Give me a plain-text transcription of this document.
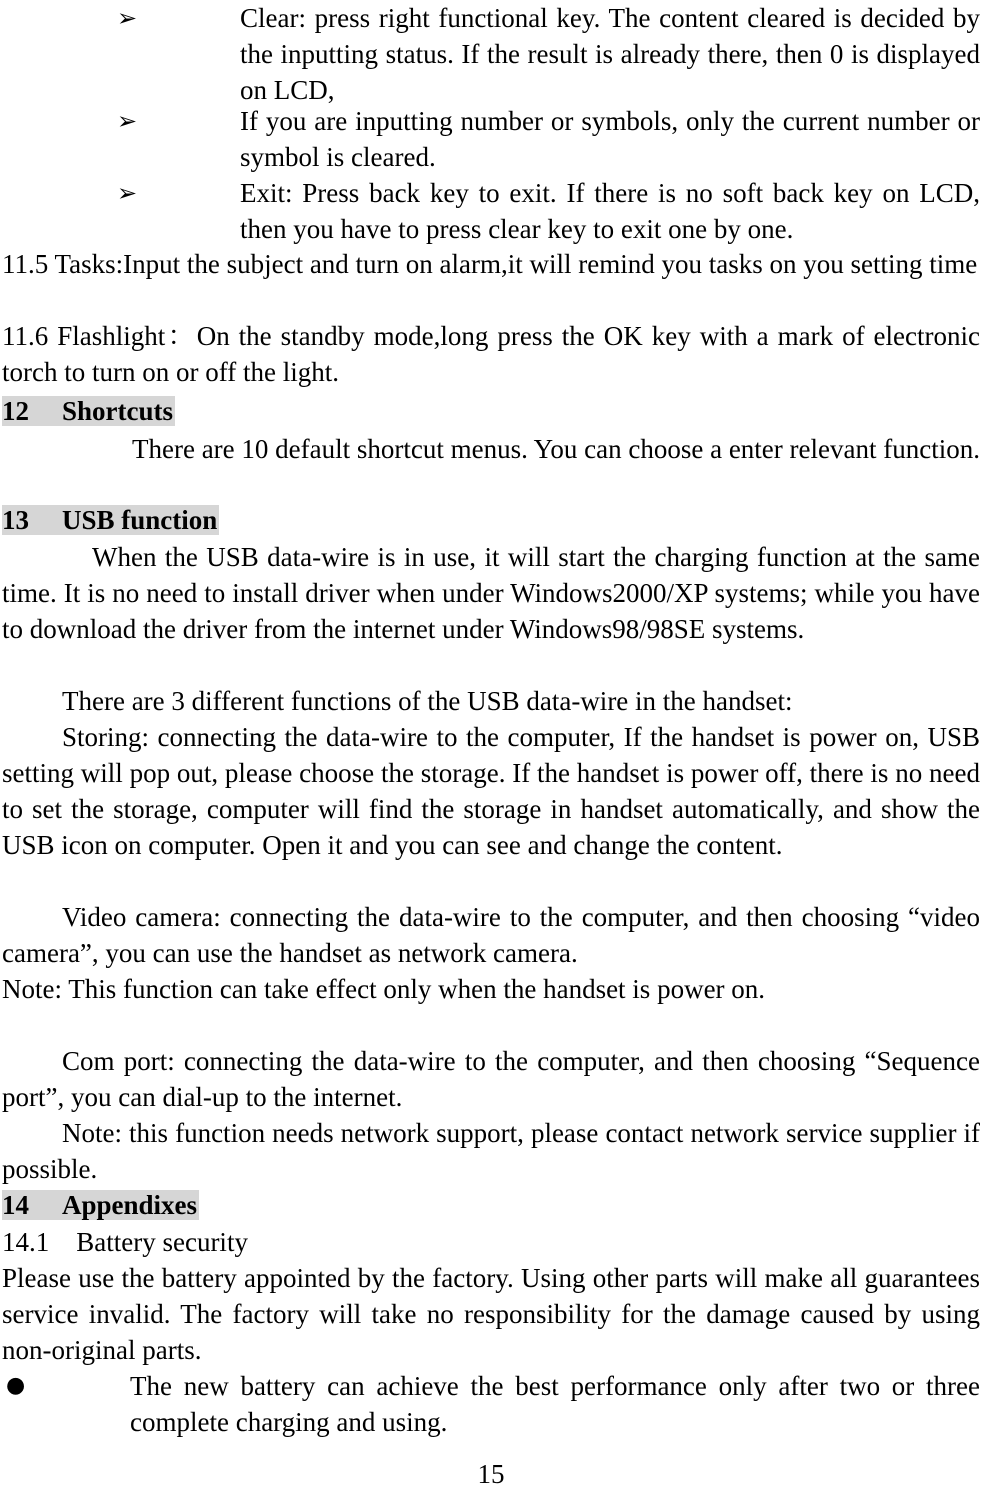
➢	Clear: press right functional key. The content cleared is decided by the inputting status. If the result is already there, then 0 is displayed on LCD,

➢	If you are inputting number or symbols, only the current number or symbol is cleared.

➢	Exit: Press back key to exit. If there is no soft back key on LCD, then you have to press clear key to exit one by one.

11.5 Tasks:Input the subject and turn on alarm,it will remind you tasks on you setting time

11.6 Flashlight：On the standby mode,long press the OK key with a mark of electronic torch to turn on or off the light.

12 Shortcuts

There are 10 default shortcut menus. You can choose a enter relevant function.

13 USB function

When the USB data-wire is in use, it will start the charging function at the same time. It is no need to install driver when under Windows2000/XP systems; while you have to download the driver from the internet under Windows98/98SE systems.

There are 3 different functions of the USB data-wire in the handset:

Storing: connecting the data-wire to the computer, If the handset is power on, USB setting will pop out, please choose the storage. If the handset is power off, there is no need to set the storage, computer will find the storage in handset automatically, and show the USB icon on computer. Open it and you can see and change the content.

Video camera: connecting the data-wire to the computer, and then choosing “video camera”, you can use the handset as network camera.

Note: This function can take effect only when the handset is power on.

Com port: connecting the data-wire to the computer, and then choosing “Sequence port”, you can dial-up to the internet.

Note: this function needs network support, please contact network service supplier if possible.

14 Appendixes

14.1 Battery security

Please use the battery appointed by the factory. Using other parts will make all guarantees service invalid. The factory will take no responsibility for the damage caused by using non-original parts.

●	The new battery can achieve the best performance only after two or three complete charging and using.

15
